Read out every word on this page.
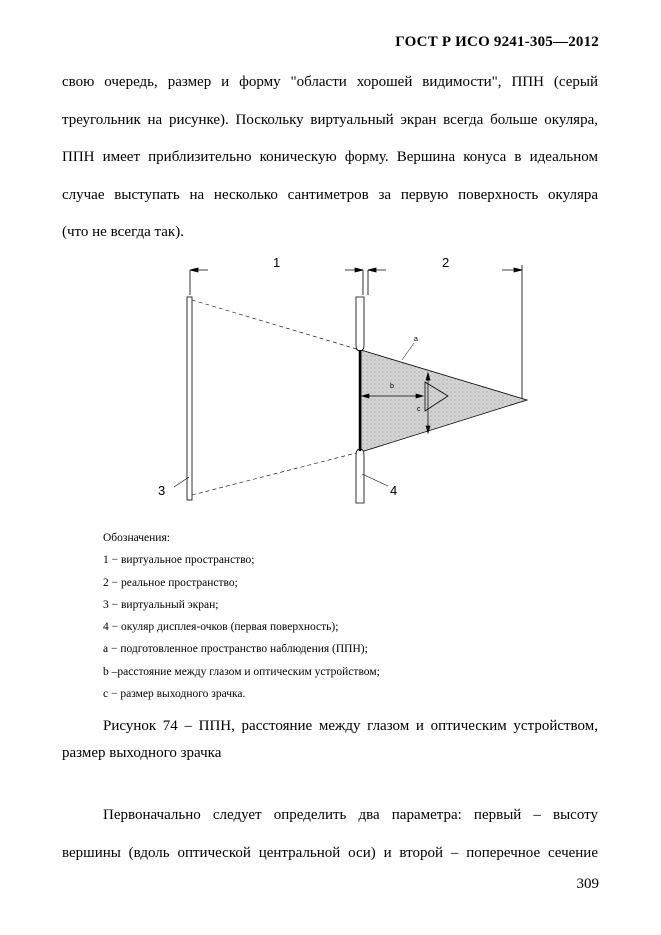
ГОСТ Р ИСО 9241-305—2012
свою очередь, размер и форму "области хорошей видимости", ППН (серый
треугольник на рисунке). Поскольку виртуальный экран всегда больше окуляра,
ППН имеет приблизительно коническую форму. Вершина конуса в идеальном
случае выступать на несколько сантиметров за первую поверхность окуляра
(что не всегда так).
1	2
b
c
a
3	4
Обозначения:
1 − виртуальное пространство;
2 − реальное пространство;
3 − виртуальный экран;
4 − окуляр дисплея-очков (первая поверхность);
a − подготовленное пространство наблюдения (ППН);
b –расстояние между глазом и оптическим устройством;
c − размер выходного зрачка.
Рисунок 74 – ППН, расстояние между глазом и оптическим устройством,
размер выходного зрачка
Первоначально следует определить два параметра: первый – высоту
вершины (вдоль оптической центральной оси) и второй – поперечное сечение
309
